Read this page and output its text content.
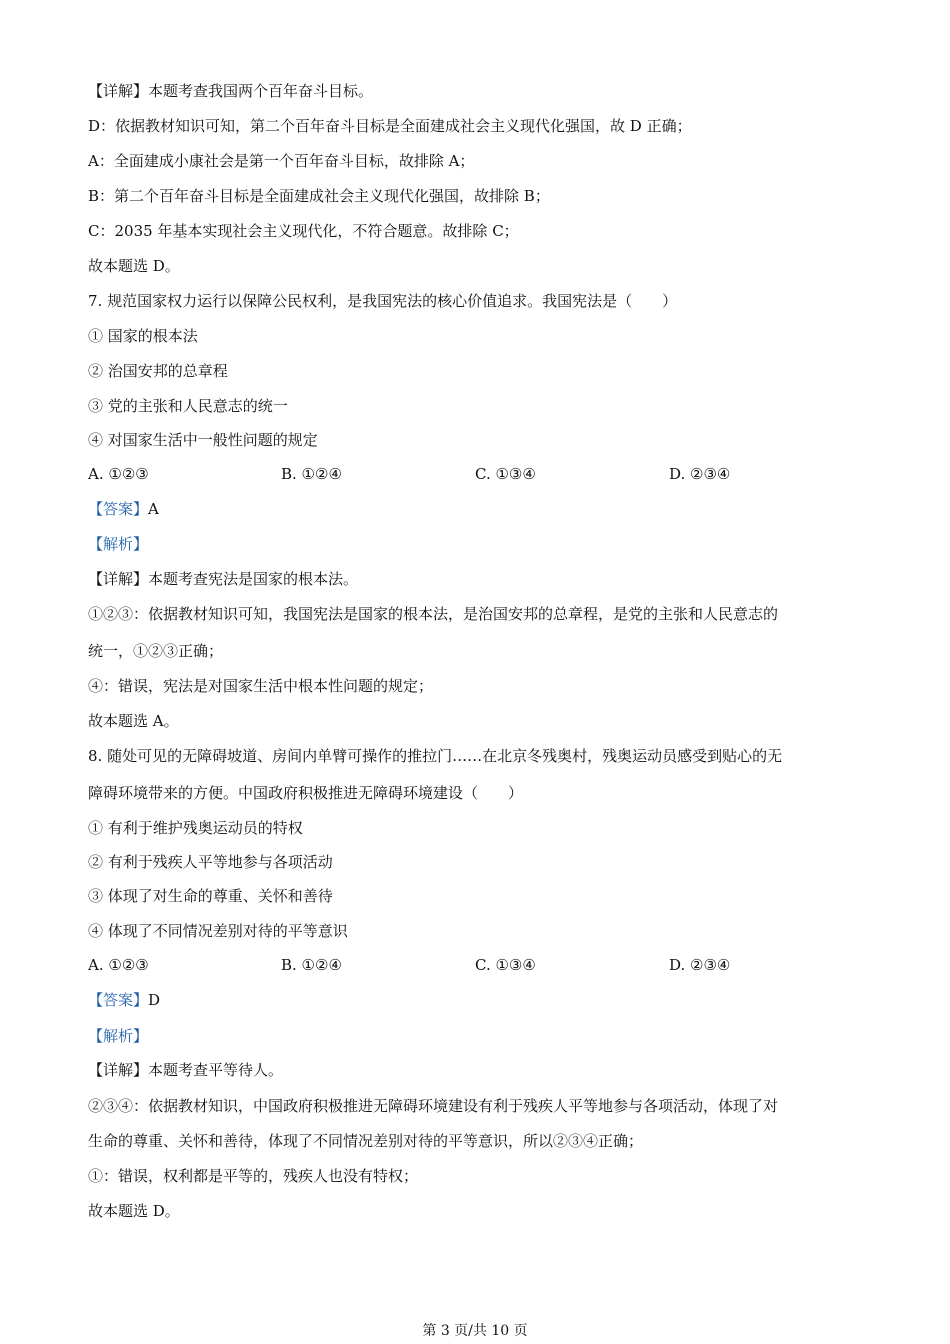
【详解】本题考查我国两个百年奋斗目标。
D：依据教材知识可知，第二个百年奋斗目标是全面建成社会主义现代化强国，故 D 正确；
A：全面建成小康社会是第一个百年奋斗目标，故排除 A；
B：第二个百年奋斗目标是全面建成社会主义现代化强国，故排除 B；
C：2035 年基本实现社会主义现代化，不符合题意。故排除 C；
故本题选 D。
7. 规范国家权力运行以保障公民权利，是我国宪法的核心价值追求。我国宪法是（　　）
① 国家的根本法
② 治国安邦的总章程
③ 党的主张和人民意志的统一
④ 对国家生活中一般性问题的规定
A. ①②③	B. ①②④	C. ①③④	D. ②③④
【答案】A
【解析】
【详解】本题考查宪法是国家的根本法。
①②③：依据教材知识可知，我国宪法是国家的根本法，是治国安邦的总章程，是党的主张和人民意志的
统一，①②③正确；
④：错误，宪法是对国家生活中根本性问题的规定；
故本题选 A。
8. 随处可见的无障碍坡道、房间内单臂可操作的推拉门……在北京冬残奥村，残奥运动员感受到贴心的无
障碍环境带来的方便。中国政府积极推进无障碍环境建设（　　）
① 有利于维护残奥运动员的特权
② 有利于残疾人平等地参与各项活动
③ 体现了对生命的尊重、关怀和善待
④ 体现了不同情况差别对待的平等意识
A. ①②③	B. ①②④	C. ①③④	D. ②③④
【答案】D
【解析】
【详解】本题考查平等待人。
②③④：依据教材知识，中国政府积极推进无障碍环境建设有利于残疾人平等地参与各项活动，体现了对
生命的尊重、关怀和善待，体现了不同情况差别对待的平等意识，所以②③④正确；
①：错误，权利都是平等的，残疾人也没有特权；
故本题选 D。
第 3 页/共 10 页
